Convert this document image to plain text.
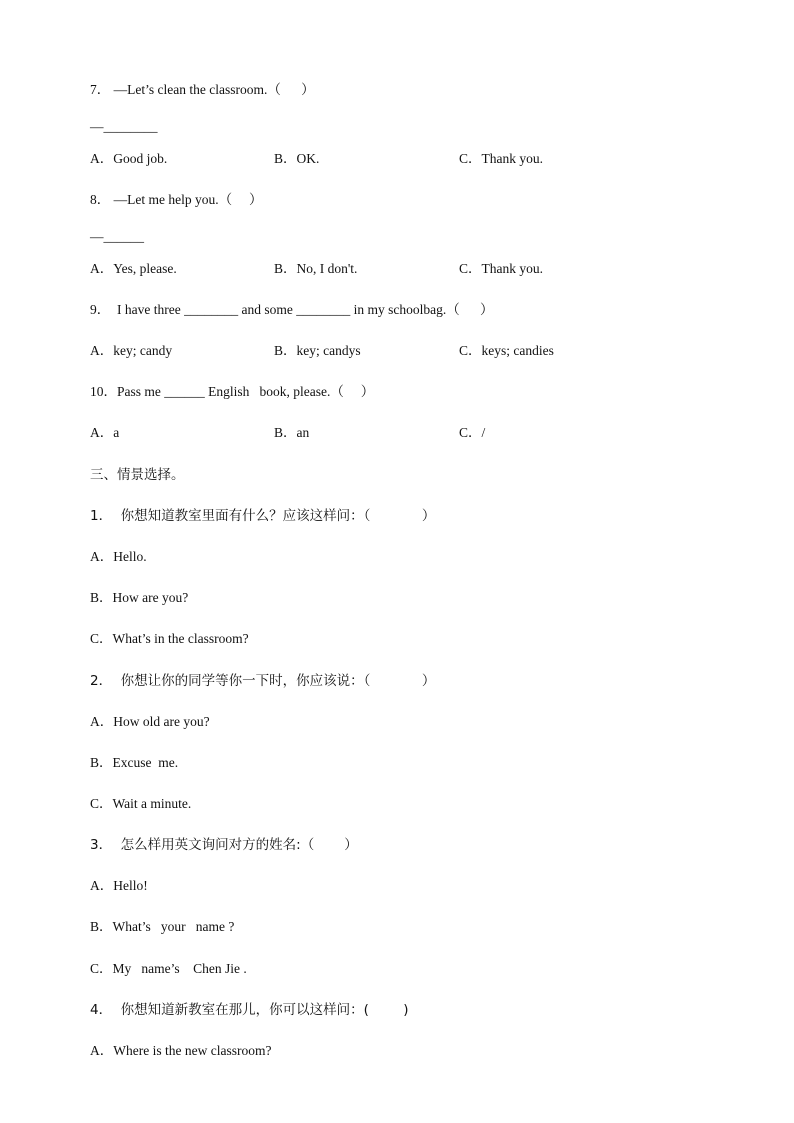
7． —Let’s clean the classroom.（      ）
—________
A．Good job.	B．OK.	C．Thank you.
8． —Let me help you.（     ）
—______
A．Yes, please.	B．No, I don't.	C．Thank you.
9．  I have three ________ and some ________ in my schoolbag.（      ）
A．key; candy	B．key; candys	C．keys; candies
10．Pass me ______ English   book, please.（     ）
A．a	B．an	C．/
三、情景选择。
1．  你想知道教室里面有什么？应该这样问：（            ）
A．Hello.
B．How are you?
C．What’s in the classroom?
2．  你想让你的同学等你一下时，你应该说：（            ）
A．How old are you?
B．Excuse  me.
C．Wait a minute.
3．  怎么样用英文询问对方的姓名:（       ）
A．Hello!
B．What’s   your   name ?
C．My   name’s    Chen Jie .
4．  你想知道新教室在那儿，你可以这样问：(        )
A．Where is the new classroom?
